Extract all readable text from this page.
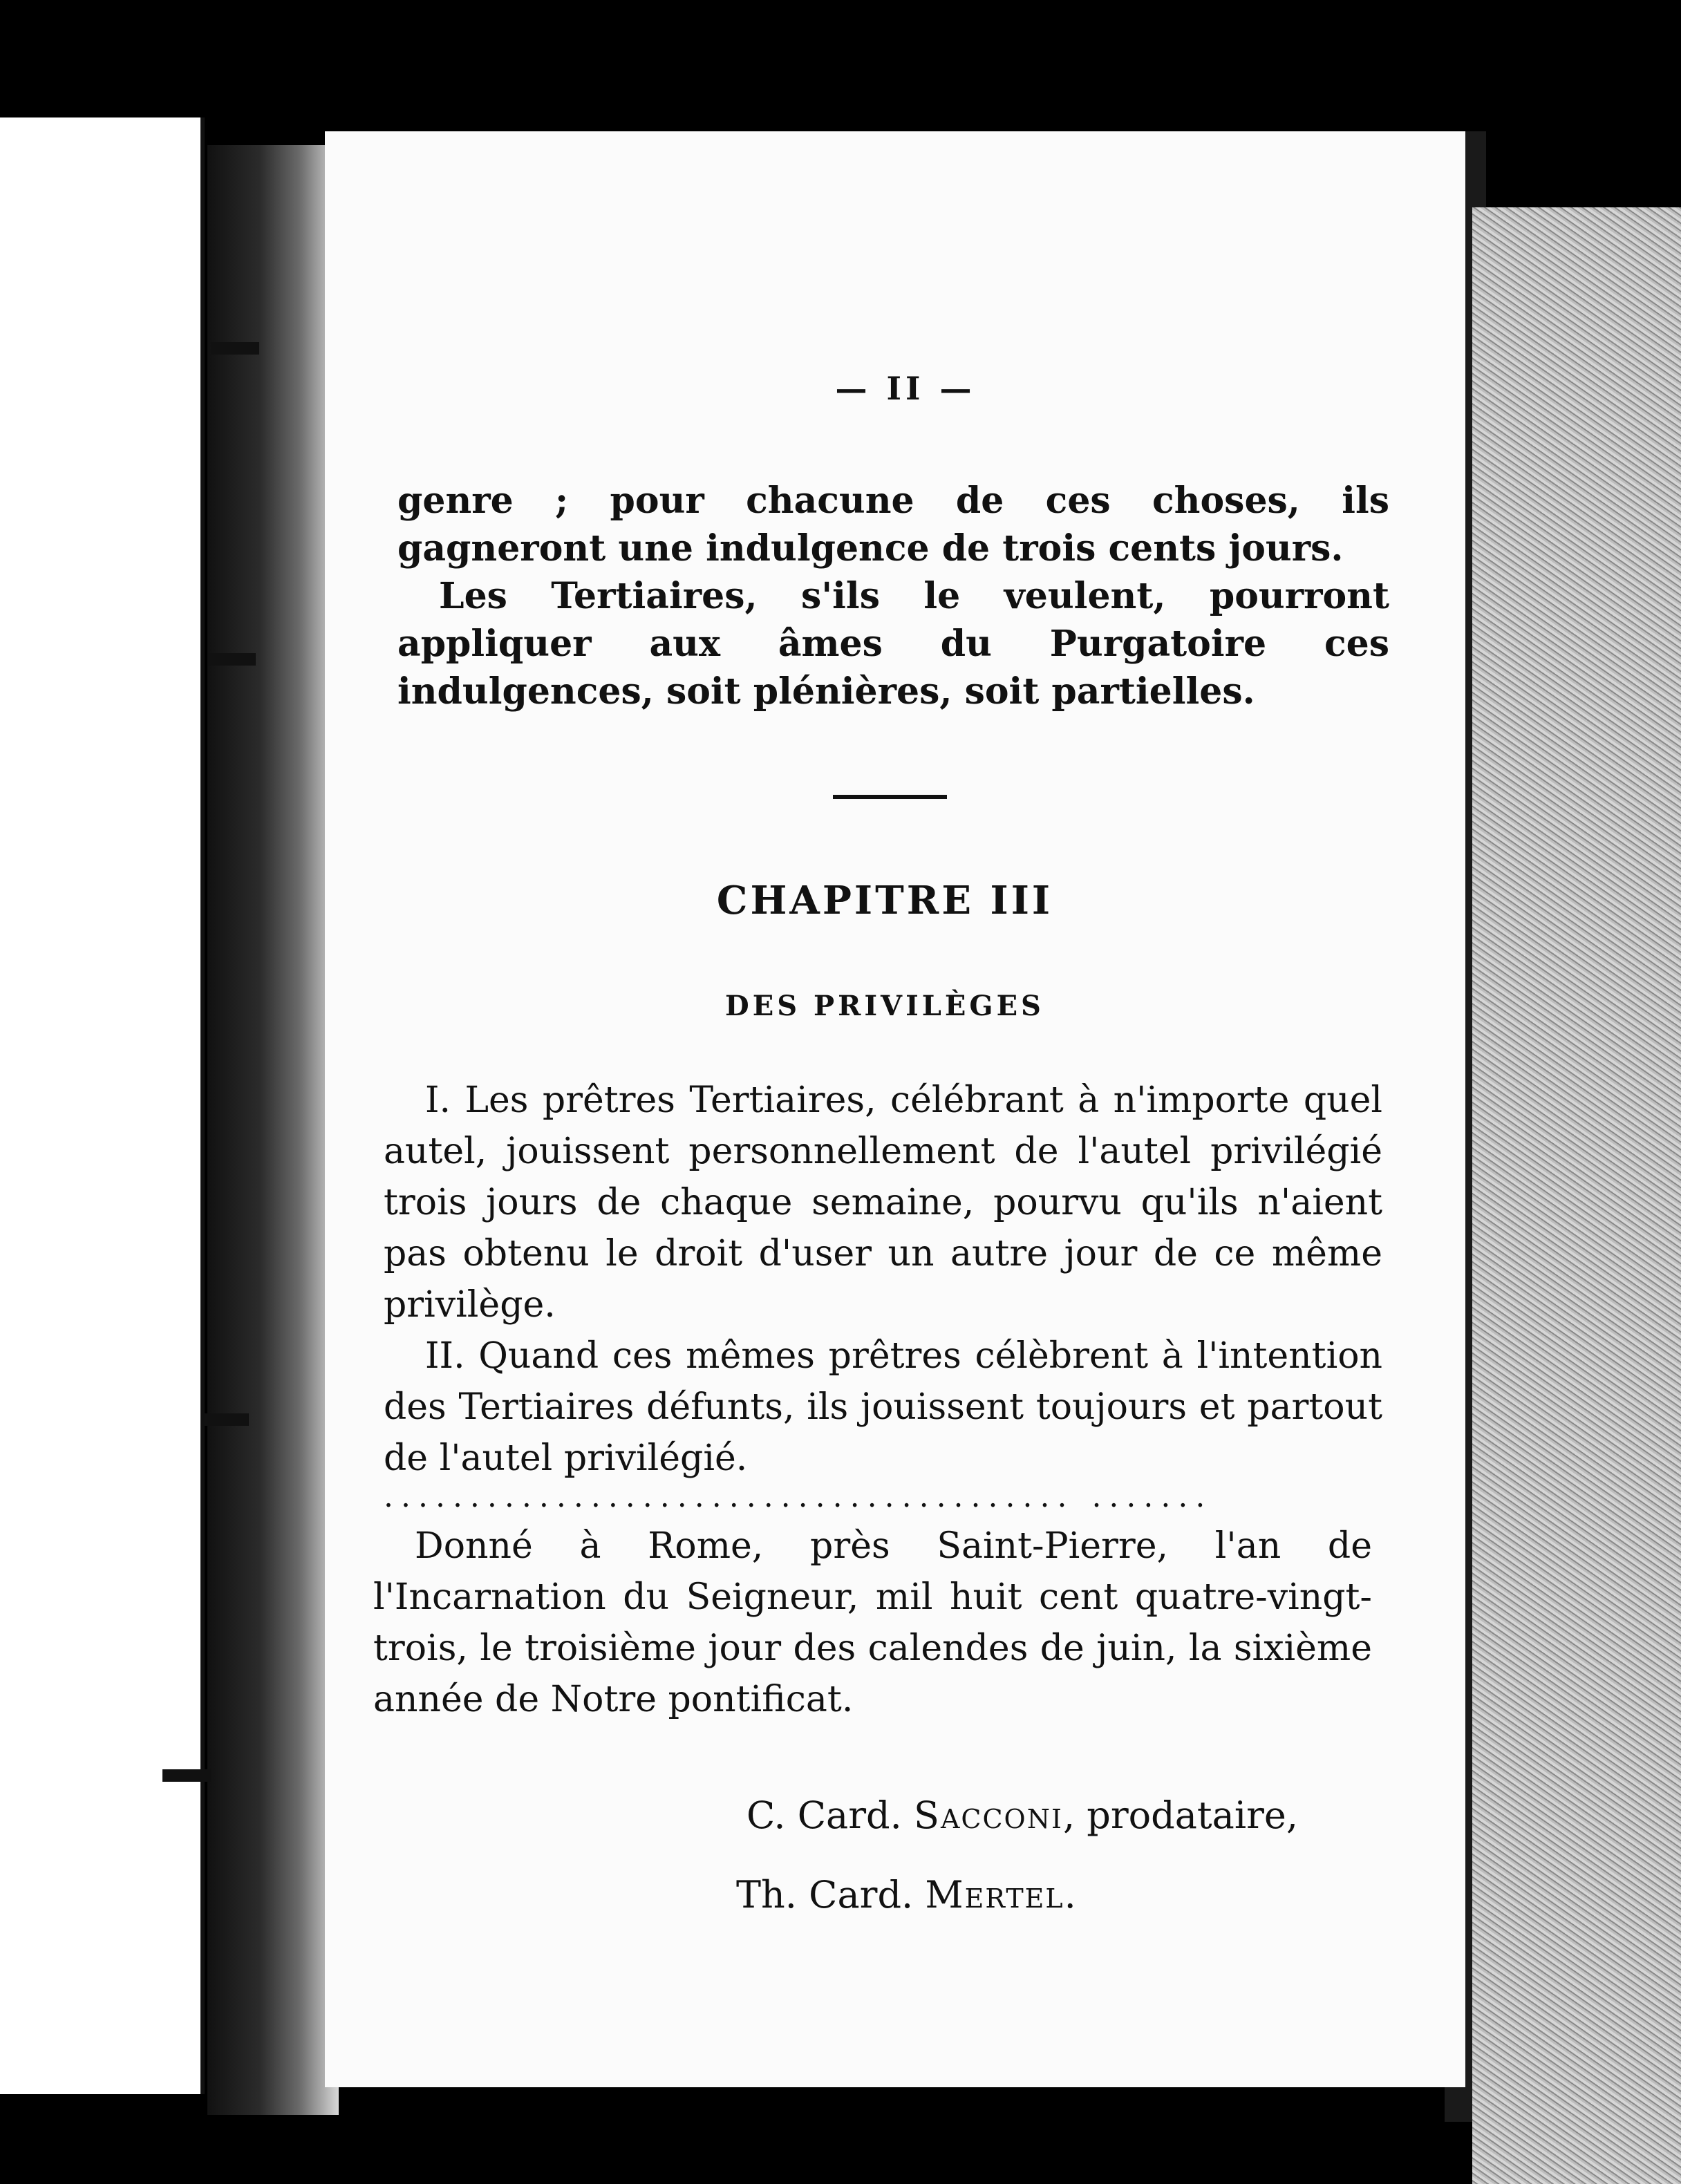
— II —

genre ; pour chacune de ces choses, ils gagneront une indulgence de trois cents jours.

Les Tertiaires, s'ils le veulent, pourront appliquer aux âmes du Purgatoire ces indulgences, soit plénières, soit partielles.

CHAPITRE III
DES PRIVILÈGES

I. Les prêtres Tertiaires, célébrant à n'importe quel autel, jouissent personnellement de l'autel privilégié trois jours de chaque semaine, pourvu qu'ils n'aient pas obtenu le droit d'user un autre jour de ce même privilège.

II. Quand ces mêmes prêtres célèbrent à l'intention des Tertiaires défunts, ils jouissent toujours et partout de l'autel privilégié.

........................................ .......

Donné à Rome, près Saint-Pierre, l'an de l'Incarnation du Seigneur, mil huit cent quatre-vingt-trois, le troisième jour des calendes de juin, la sixième année de Notre pontificat.

C. Card. Sacconi, prodataire,
Th. Card. Mertel.
